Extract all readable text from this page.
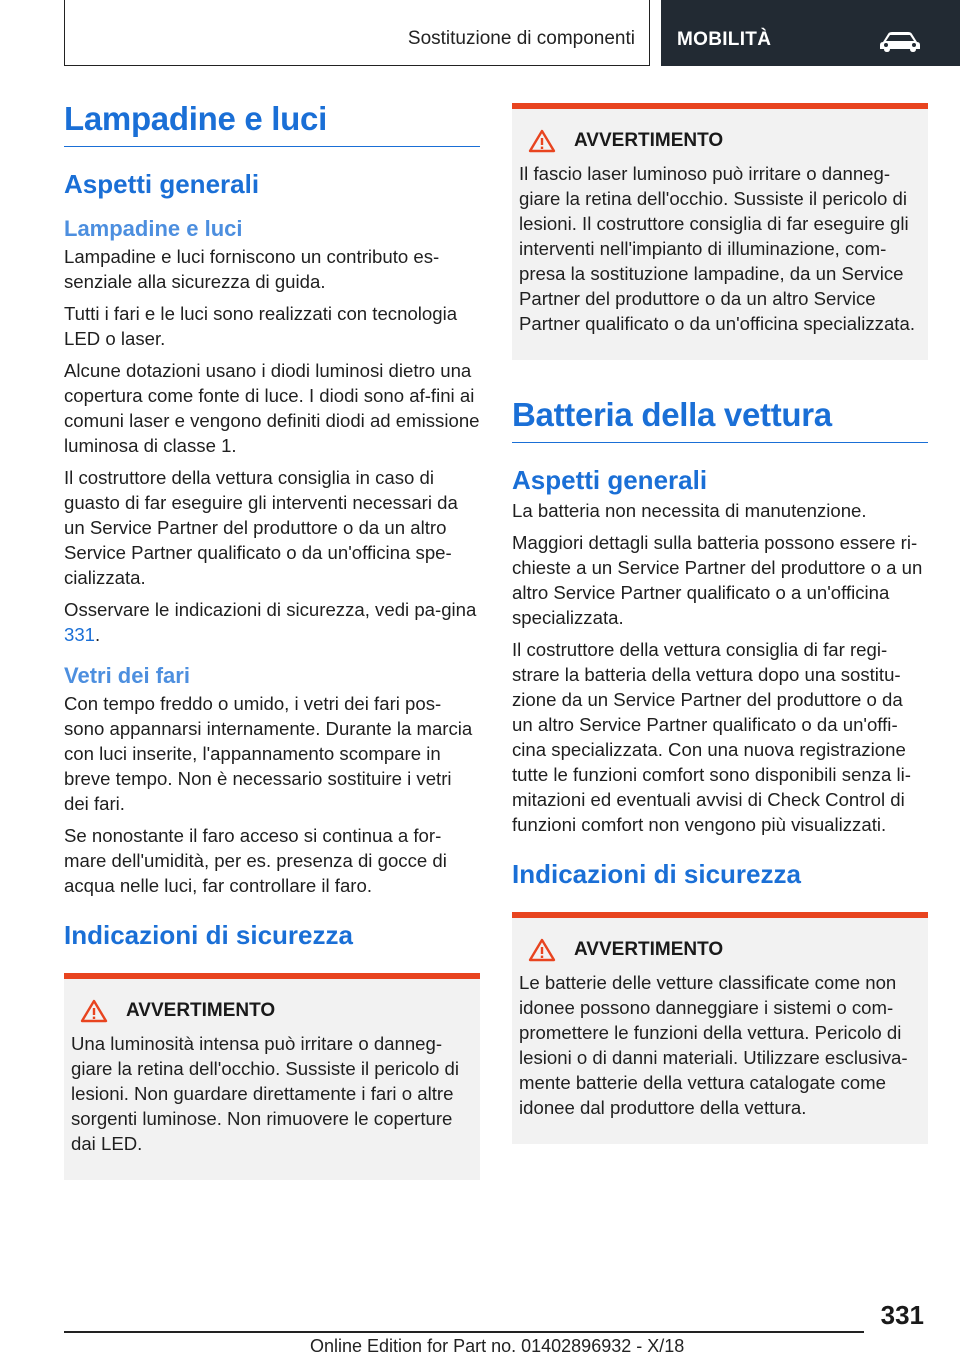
Sostituzione di componenti MOBILITÀ
Lampadine e luci
Aspetti generali
Lampadine e luci

Lampadine e luci forniscono un contributo es-senziale alla sicurezza di guida.

Tutti i fari e le luci sono realizzati con tecnologia LED o laser.

Alcune dotazioni usano i diodi luminosi dietro una copertura come fonte di luce. I diodi sono af-fini ai comuni laser e vengono definiti diodi ad emissione luminosa di classe 1.

Il costruttore della vettura consiglia in caso di guasto di far eseguire gli interventi necessari da un Service Partner del produttore o da un altro Service Partner qualificato o da un'officina spe-cializzata.

Osservare le indicazioni di sicurezza, vedi pa-gina 331.

Vetri dei fari

Con tempo freddo o umido, i vetri dei fari pos-sono appannarsi internamente. Durante la marcia con luci inserite, l'appannamento scompare in breve tempo. Non è necessario sostituire i vetri dei fari.

Se nonostante il faro acceso si continua a for-mare dell'umidità, per es. presenza di gocce di acqua nelle luci, far controllare il faro.

Indicazioni di sicurezza
AVVERTIMENTO

Una luminosità intensa può irritare o danneg-giare la retina dell'occhio. Sussiste il pericolo di lesioni. Non guardare direttamente i fari o altre sorgenti luminose. Non rimuovere le coperture dai LED.

AVVERTIMENTO

Il fascio laser luminoso può irritare o danneg-giare la retina dell'occhio. Sussiste il pericolo di lesioni. Il costruttore consiglia di far eseguire gli interventi nell'impianto di illuminazione, com-presa la sostituzione lampadine, da un Service Partner del produttore o da un altro Service Partner qualificato o da un'officina specializzata.

Batteria della vettura
Aspetti generali

La batteria non necessita di manutenzione.

Maggiori dettagli sulla batteria possono essere ri-chieste a un Service Partner del produttore o a un altro Service Partner qualificato o a un'officina specializzata.

Il costruttore della vettura consiglia di far regi-strare la batteria della vettura dopo una sostitu-zione da un Service Partner del produttore o da un altro Service Partner qualificato o da un'offi-cina specializzata. Con una nuova registrazione tutte le funzioni comfort sono disponibili senza li-mitazioni ed eventuali avvisi di Check Control di funzioni comfort non vengono più visualizzati.

Indicazioni di sicurezza
AVVERTIMENTO

Le batterie delle vetture classificate come non idonee possono danneggiare i sistemi o com-promettere le funzioni della vettura. Pericolo di lesioni o di danni materiali. Utilizzare esclusiva-mente batterie della vettura catalogate come idonee dal produttore della vettura.

331
Online Edition for Part no. 01402896932 - X/18
